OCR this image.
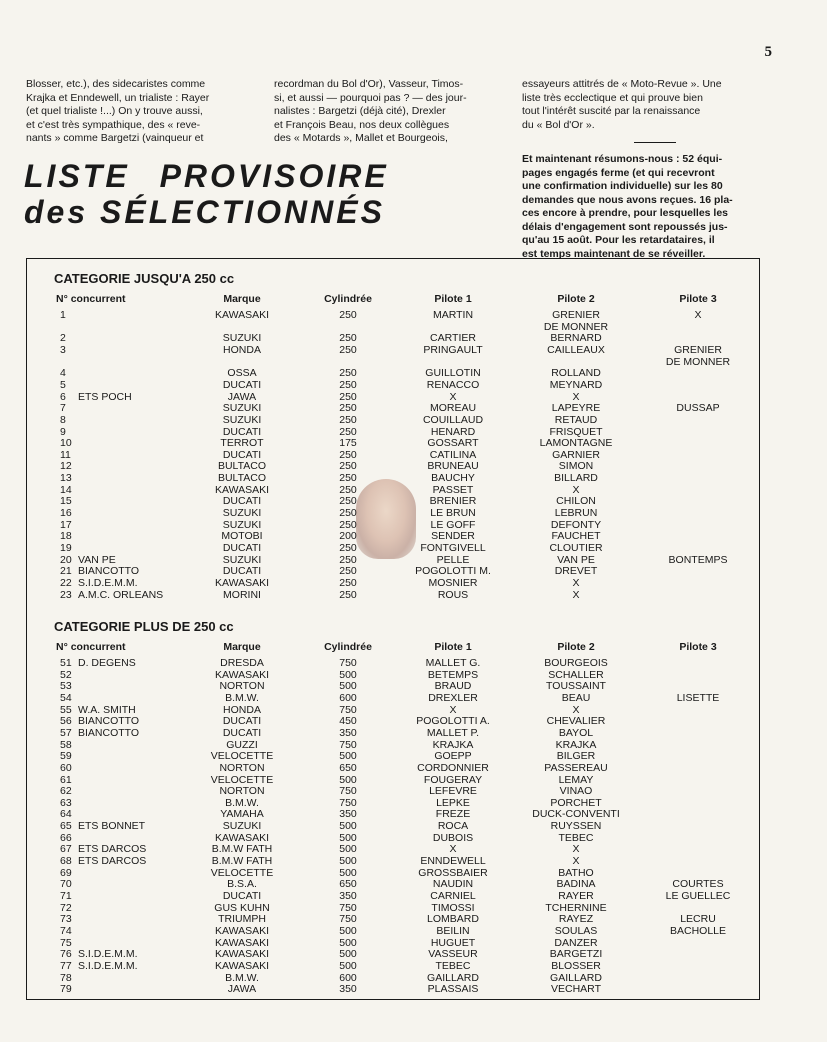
5
Blosser, etc.), des sidecaristes comme
Krajka et Enndewell, un trialiste : Rayer
(et quel trialiste !...) On y trouve aussi,
et c'est très sympathique, des « reve-
nants » comme Bargetzi (vainqueur et
recordman du Bol d'Or), Vasseur, Timos-
si, et aussi — pourquoi pas ? — des jour-
nalistes : Bargetzi (déjà cité), Drexler
et François Beau, nos deux collègues
des « Motards », Mallet et Bourgeois,
essayeurs attitrés de « Moto-Revue ». Une
liste très ecclectique et qui prouve bien
tout l'intérêt suscité par la renaissance
du « Bol d'Or ».
Et maintenant résumons-nous : 52 équi-
pages engagés ferme (et qui recevront
une confirmation individuelle) sur les 80
demandes que nous avons reçues. 16 pla-
ces encore à prendre, pour lesquelles les
délais d'engagement sont repoussés jus-
qu'au 15 août. Pour les retardataires, il
est temps maintenant de se réveiller.
LISTE PROVISOIRE
des SÉLECTIONNÉS
CATEGORIE JUSQU'A 250 cc
N° concurrent	Marque	Cylindrée	Pilote 1	Pilote 2	Pilote 3
1	KAWASAKI	250	MARTIN	GRENIER	X
DE MONNER
2	SUZUKI	250	CARTIER	BERNARD
3	HONDA	250	PRINGAULT	CAILLEAUX	GRENIER
DE MONNER
4	OSSA	250	GUILLOTIN	ROLLAND
5	DUCATI	250	RENACCO	MEYNARD
6 ETS POCH	JAWA	250	X	X
7	SUZUKI	250	MOREAU	LAPEYRE	DUSSAP
8	SUZUKI	250	COUILLAUD	RETAUD
9	DUCATI	250	HENARD	FRISQUET
10	TERROT	175	GOSSART	LAMONTAGNE
11	DUCATI	250	CATILINA	GARNIER
12	BULTACO	250	BRUNEAU	SIMON
13	BULTACO	250	BAUCHY	BILLARD
14	KAWASAKI	250	PASSET	X
15	DUCATI	250	BRENIER	CHILON
16	SUZUKI	250	LE BRUN	LEBRUN
17	SUZUKI	250	LE GOFF	DEFONTY
18	MOTOBI	200	SENDER	FAUCHET
19	DUCATI	250	FONTGIVELL	CLOUTIER
20 VAN PE	SUZUKI	250	PELLE	VAN PE	BONTEMPS
21 BIANCOTTO	DUCATI	250	POGOLOTTI M.	DREVET
22 S.I.D.E.M.M.	KAWASAKI	250	MOSNIER	X
23 A.M.C. ORLEANS	MORINI	250	ROUS	X
CATEGORIE PLUS DE 250 cc
N° concurrent	Marque	Cylindrée	Pilote 1	Pilote 2	Pilote 3
51 D. DEGENS	DRESDA	750	MALLET G.	BOURGEOIS
52	KAWASAKI	500	BETEMPS	SCHALLER
53	NORTON	500	BRAUD	TOUSSAINT
54	B.M.W.	600	DREXLER	BEAU	LISETTE
55 W.A. SMITH	HONDA	750	X	X
56 BIANCOTTO	DUCATI	450	POGOLOTTI A.	CHEVALIER
57 BIANCOTTO	DUCATI	350	MALLET P.	BAYOL
58	GUZZI	750	KRAJKA	KRAJKA
59	VELOCETTE	500	GOEPP	BILGER
60	NORTON	650	CORDONNIER	PASSEREAU
61	VELOCETTE	500	FOUGERAY	LEMAY
62	NORTON	750	LEFEVRE	VINAO
63	B.M.W.	750	LEPKE	PORCHET
64	YAMAHA	350	FREZE	DUCK-CONVENTI
65 ETS BONNET	SUZUKI	500	ROCA	RUYSSEN
66	KAWASAKI	500	DUBOIS	TEBEC
67 ETS DARCOS	B.M.W FATH	500	X	X
68 ETS DARCOS	B.M.W FATH	500	ENNDEWELL	X
69	VELOCETTE	500	GROSSBAIER	BATHO
70	B.S.A.	650	NAUDIN	BADINA	COURTES
71	DUCATI	350	CARNIEL	RAYER	LE GUELLEC
72	GUS KUHN	750	TIMOSSI	TCHERNINE
73	TRIUMPH	750	LOMBARD	RAYEZ	LECRU
74	KAWASAKI	500	BEILIN	SOULAS	BACHOLLE
75	KAWASAKI	500	HUGUET	DANZER
76 S.I.D.E.M.M.	KAWASAKI	500	VASSEUR	BARGETZI
77 S.I.D.E.M.M.	KAWASAKI	500	TEBEC	BLOSSER
78	B.M.W.	600	GAILLARD	GAILLARD
79	JAWA	350	PLASSAIS	VECHART
